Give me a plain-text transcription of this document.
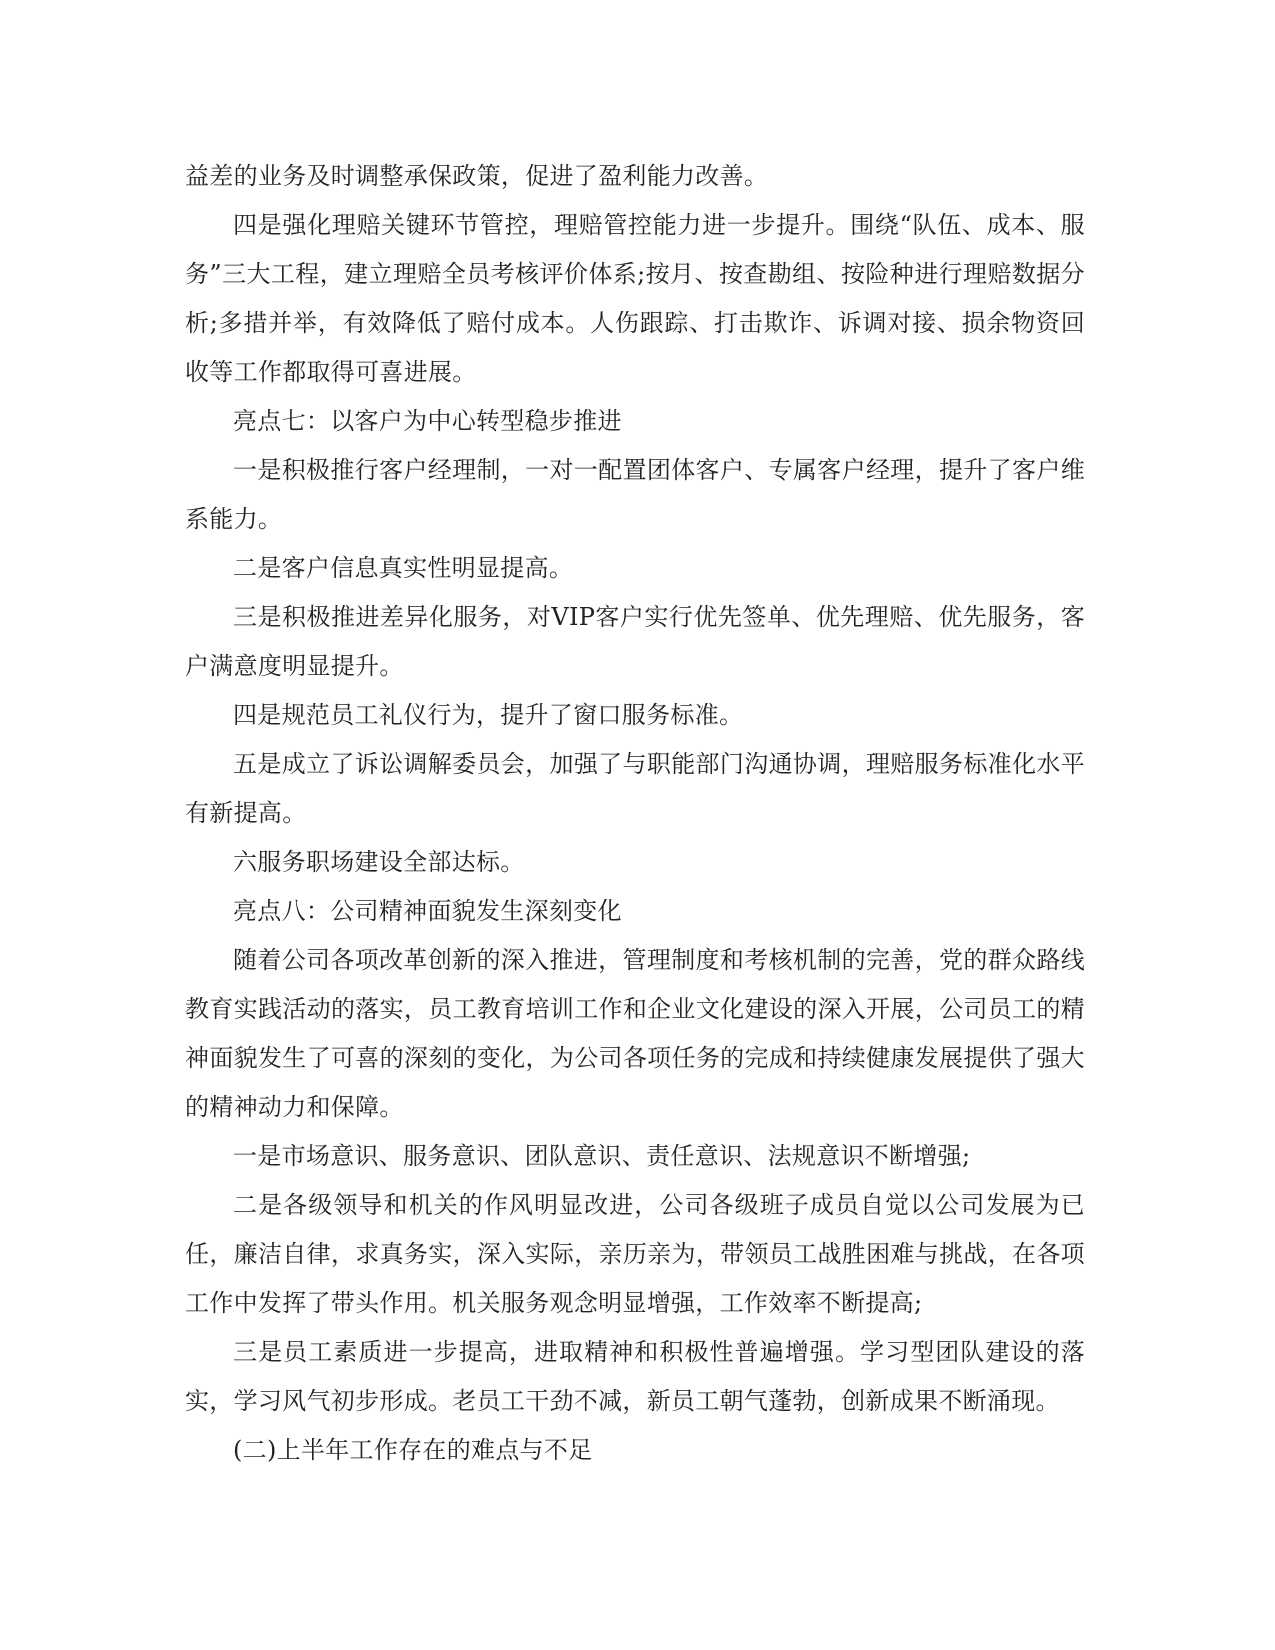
益差的业务及时调整承保政策，促进了盈利能力改善。

四是强化理赔关键环节管控，理赔管控能力进一步提升。围绕“队伍、成本、服务”三大工程，建立理赔全员考核评价体系;按月、按查勘组、按险种进行理赔数据分析;多措并举，有效降低了赔付成本。人伤跟踪、打击欺诈、诉调对接、损余物资回收等工作都取得可喜进展。

亮点七：以客户为中心转型稳步推进

一是积极推行客户经理制，一对一配置团体客户、专属客户经理，提升了客户维系能力。

二是客户信息真实性明显提高。

三是积极推进差异化服务，对VIP客户实行优先签单、优先理赔、优先服务，客户满意度明显提升。

四是规范员工礼仪行为，提升了窗口服务标准。

五是成立了诉讼调解委员会，加强了与职能部门沟通协调，理赔服务标准化水平有新提高。

六服务职场建设全部达标。

亮点八：公司精神面貌发生深刻变化

随着公司各项改革创新的深入推进，管理制度和考核机制的完善，党的群众路线教育实践活动的落实，员工教育培训工作和企业文化建设的深入开展，公司员工的精神面貌发生了可喜的深刻的变化，为公司各项任务的完成和持续健康发展提供了强大的精神动力和保障。

一是市场意识、服务意识、团队意识、责任意识、法规意识不断增强;

二是各级领导和机关的作风明显改进，公司各级班子成员自觉以公司发展为已任，廉洁自律，求真务实，深入实际，亲历亲为，带领员工战胜困难与挑战，在各项工作中发挥了带头作用。机关服务观念明显增强，工作效率不断提高;

三是员工素质进一步提高，进取精神和积极性普遍增强。学习型团队建设的落实，学习风气初步形成。老员工干劲不减，新员工朝气蓬勃，创新成果不断涌现。

(二)上半年工作存在的难点与不足
